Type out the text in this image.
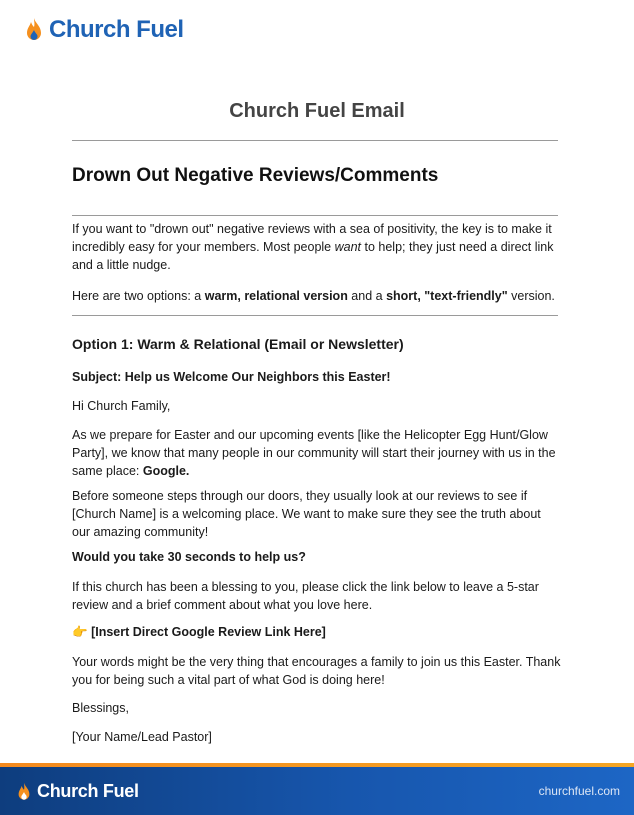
Church Fuel
Church Fuel Email
Drown Out Negative Reviews/Comments

If you want to "drown out" negative reviews with a sea of positivity, the key is to make it incredibly easy for your members. Most people want to help; they just need a direct link and a little nudge.

Here are two options: a warm, relational version and a short, "text-friendly" version.

Option 1: Warm & Relational (Email or Newsletter)

Subject: Help us Welcome Our Neighbors this Easter!

Hi Church Family,

As we prepare for Easter and our upcoming events [like the Helicopter Egg Hunt/Glow Party], we know that many people in our community will start their journey with us in the same place: Google.

Before someone steps through our doors, they usually look at our reviews to see if [Church Name] is a welcoming place. We want to make sure they see the truth about our amazing community!

Would you take 30 seconds to help us?

If this church has been a blessing to you, please click the link below to leave a 5-star review and a brief comment about what you love here.

👉 [Insert Direct Google Review Link Here]

Your words might be the very thing that encourages a family to join us this Easter. Thank you for being such a vital part of what God is doing here!
Blessings,
[Your Name/Lead Pastor]
Church Fuel	churchfuel.com
